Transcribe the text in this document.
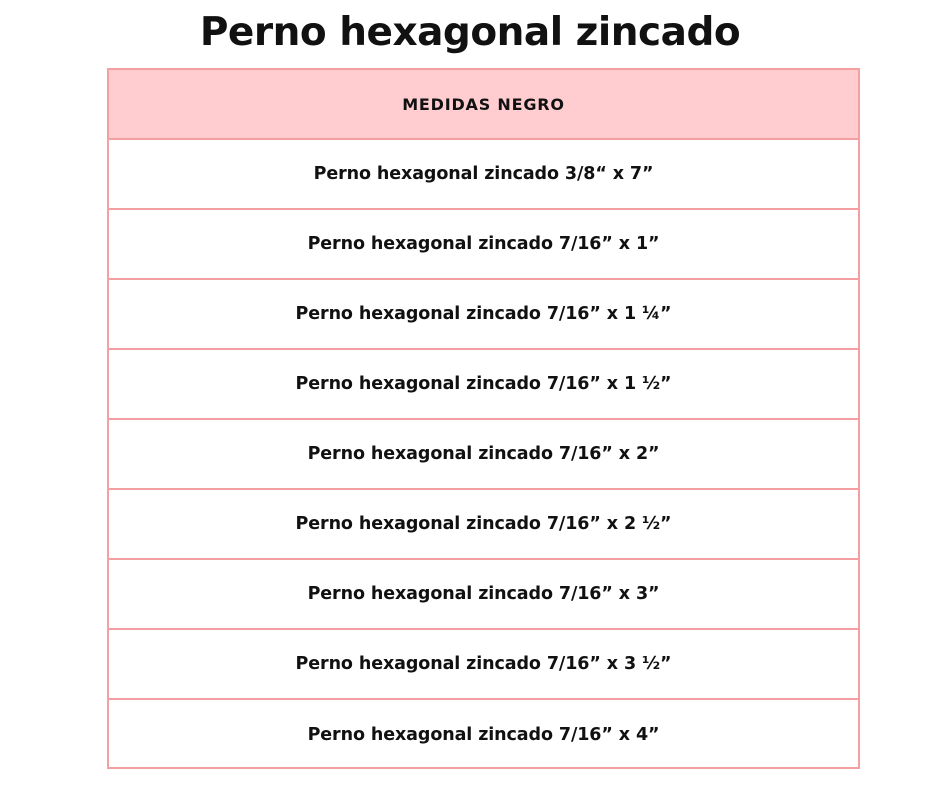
Perno hexagonal zincado
MEDIDAS NEGRO
Perno hexagonal zincado 3/8“ x 7”
Perno hexagonal zincado 7/16” x 1”
Perno hexagonal zincado 7/16” x 1 ¼”
Perno hexagonal zincado 7/16” x 1 ½”
Perno hexagonal zincado 7/16” x 2”
Perno hexagonal zincado 7/16” x 2 ½”
Perno hexagonal zincado 7/16” x 3”
Perno hexagonal zincado 7/16” x 3 ½”
Perno hexagonal zincado 7/16” x 4”
